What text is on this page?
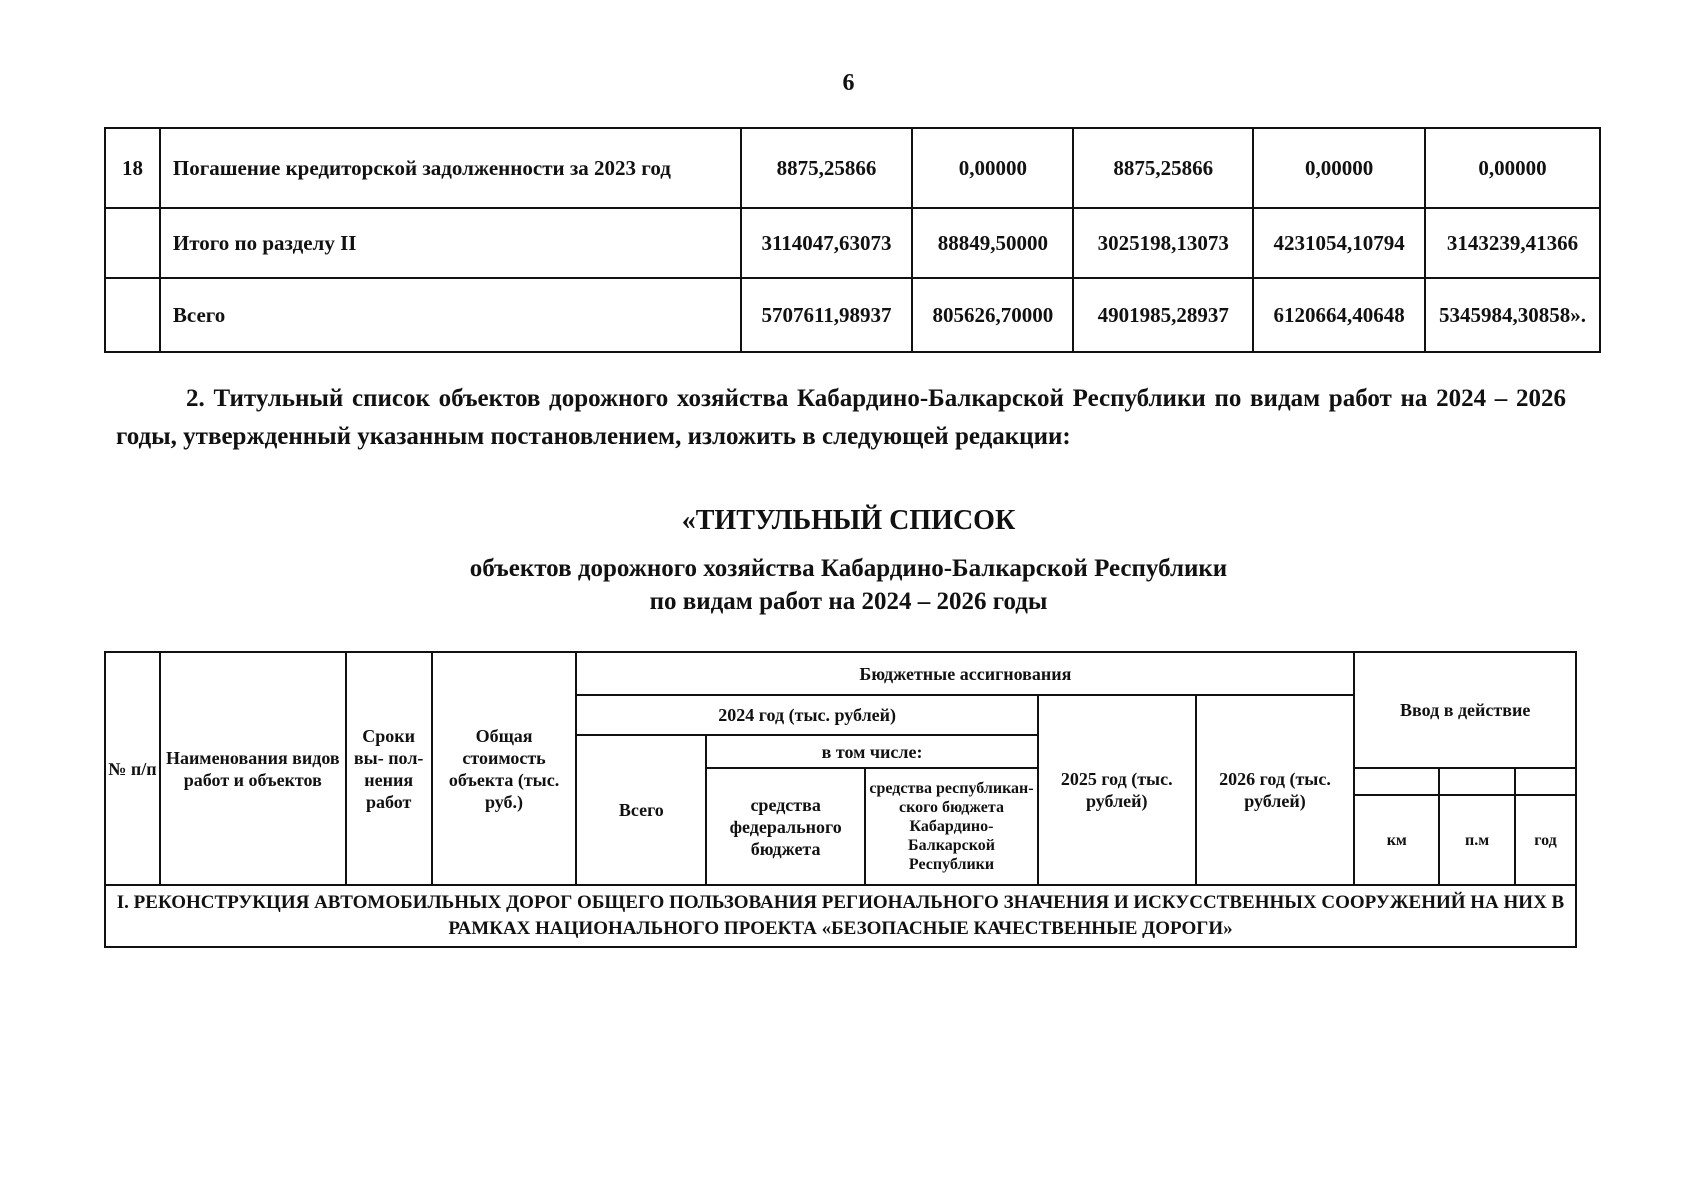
6
18	Погашение кредиторской задолженности за 2023 год	8875,25866	0,00000	8875,25866	0,00000	0,00000
	Итого по разделу II	3114047,63073	88849,50000	3025198,13073	4231054,10794	3143239,41366
	Всего	5707611,98937	805626,70000	4901985,28937	6120664,40648	5345984,30858».
2. Титульный список объектов дорожного хозяйства Кабардино-Балкарской Республики по видам работ на 2024 – 2026 годы, утвержденный указанным постановлением, изложить в следующей редакции:
«ТИТУЛЬНЫЙ СПИСОК
объектов дорожного хозяйства Кабардино-Балкарской Республики
по видам работ на 2024 – 2026 годы
№ п/п	Наименования видов работ и объектов	Сроки вы- пол- нения работ	Общая стоимость объекта (тыс. руб.)	Бюджетные ассигнования					Ввод в действие		
				2024 год (тыс. рублей)			2025 год (тыс. рублей)	2026 год (тыс. рублей)			
				Всего	в том числе:						
					средства федерального бюджета	средства республикан- ского бюджета Кабардино- Балкарской Республики					
									км	п.м	год
I. РЕКОНСТРУКЦИЯ АВТОМОБИЛЬНЫХ ДОРОГ ОБЩЕГО ПОЛЬЗОВАНИЯ РЕГИОНАЛЬНОГО ЗНАЧЕНИЯ И ИСКУССТВЕННЫХ СООРУЖЕНИЙ НА НИХ В РАМКАХ НАЦИОНАЛЬНОГО ПРОЕКТА «БЕЗОПАСНЫЕ КАЧЕСТВЕННЫЕ ДОРОГИ»											
